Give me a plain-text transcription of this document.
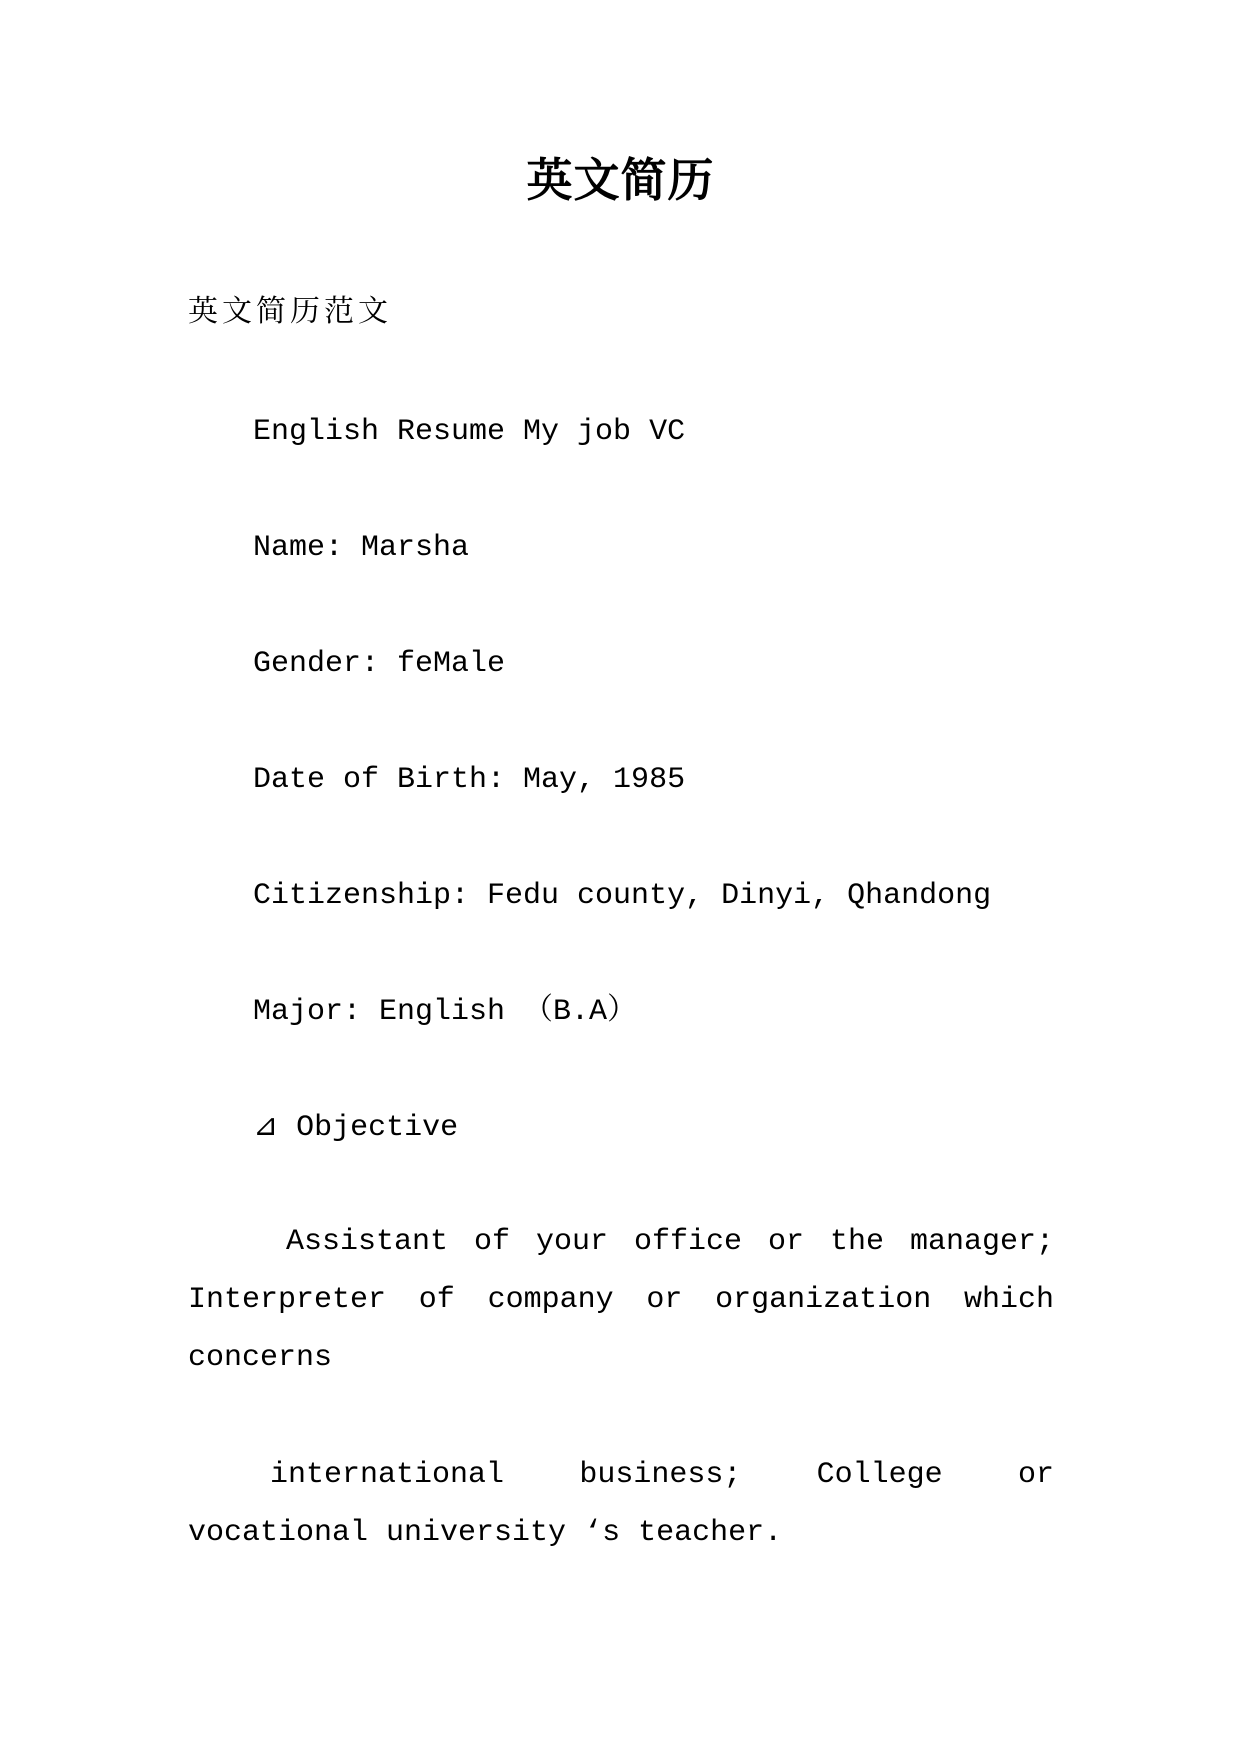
英文简历
英文简历范文
English Resume My job VC
Name: Marsha
Gender: feMale
Date of Birth: May, 1985
Citizenship: Fedu county, Dinyi, Qhandong
Major: English （B.A）
⊿ Objective
Assistant of your office or the manager; Interpreter of company or organization which concerns
international business; College or vocational university ‘s teacher.
